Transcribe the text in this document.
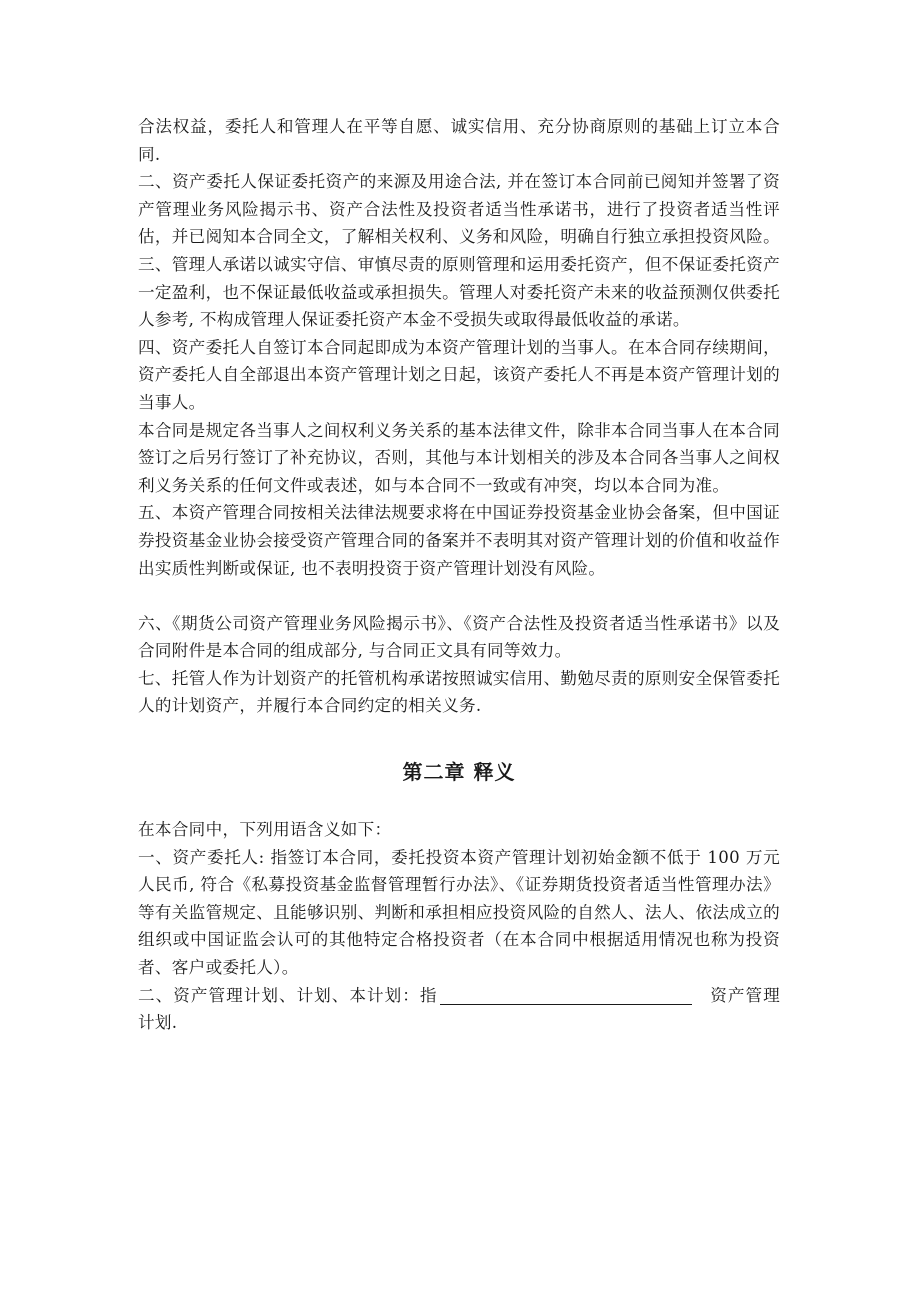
合法权益，委托人和管理人在平等自愿、诚实信用、充分协商原则的基础上订立本合同.

二、资产委托人保证委托资产的来源及用途合法, 并在签订本合同前已阅知并签署了资产管理业务风险揭示书、资产合法性及投资者适当性承诺书，进行了投资者适当性评估，并已阅知本合同全文，了解相关权利、义务和风险，明确自行独立承担投资风险。

三、管理人承诺以诚实守信、审慎尽责的原则管理和运用委托资产，但不保证委托资产一定盈利，也不保证最低收益或承担损失。管理人对委托资产未来的收益预测仅供委托人参考, 不构成管理人保证委托资产本金不受损失或取得最低收益的承诺。

四、资产委托人自签订本合同起即成为本资产管理计划的当事人。在本合同存续期间，资产委托人自全部退出本资产管理计划之日起，该资产委托人不再是本资产管理计划的当事人。

本合同是规定各当事人之间权利义务关系的基本法律文件，除非本合同当事人在本合同签订之后另行签订了补充协议，否则，其他与本计划相关的涉及本合同各当事人之间权利义务关系的任何文件或表述，如与本合同不一致或有冲突，均以本合同为准。

五、本资产管理合同按相关法律法规要求将在中国证券投资基金业协会备案，但中国证券投资基金业协会接受资产管理合同的备案并不表明其对资产管理计划的价值和收益作出实质性判断或保证, 也不表明投资于资产管理计划没有风险。

六、《期货公司资产管理业务风险揭示书》、《资产合法性及投资者适当性承诺书》以及合同附件是本合同的组成部分, 与合同正文具有同等效力。

七、托管人作为计划资产的托管机构承诺按照诚实信用、勤勉尽责的原则安全保管委托人的计划资产，并履行本合同约定的相关义务.

第二章 释义

在本合同中，下列用语含义如下：

一、资产委托人: 指签订本合同，委托投资本资产管理计划初始金额不低于 100 万元人民币, 符合《私募投资基金监督管理暂行办法》、《证券期货投资者适当性管理办法》等有关监管规定、且能够识别、判断和承担相应投资风险的自然人、法人、依法成立的组织或中国证监会认可的其他特定合格投资者（在本合同中根据适用情况也称为投资者、客户或委托人）。

二、资产管理计划、计划、本计划：指	资产管理计划.
